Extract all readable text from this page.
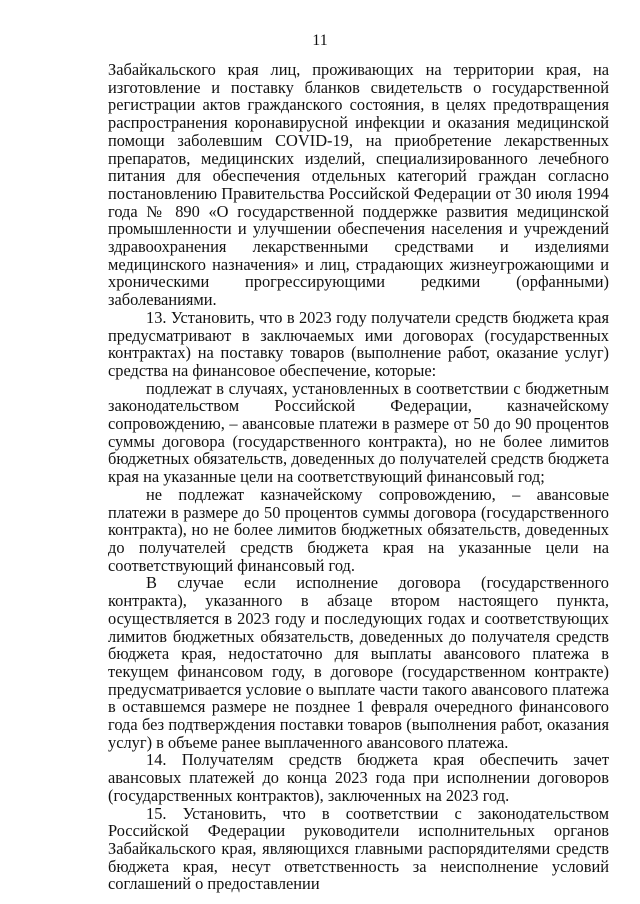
11

Забайкальского края лиц, проживающих на территории края, на изготовление и поставку бланков свидетельств о государственной регистрации актов гражданского состояния, в целях предотвращения распространения коронавирусной инфекции и оказания медицинской помощи заболевшим COVID-19, на приобретение лекарственных препаратов, медицинских изделий, специализированного лечебного питания для обеспечения отдельных категорий граждан согласно постановлению Правительства Российской Федерации от 30 июля 1994 года № 890 «О государственной поддержке развития медицинской промышленности и улучшении обеспечения населения и учреждений здравоохранения лекарственными средствами и изделиями медицинского назначения» и лиц, страдающих жизнеугрожающими и хроническими прогрессирующими редкими (орфанными) заболеваниями.

13. Установить, что в 2023 году получатели средств бюджета края предусматривают в заключаемых ими договорах (государственных контрактах) на поставку товаров (выполнение работ, оказание услуг) средства на финансовое обеспечение, которые:

подлежат в случаях, установленных в соответствии с бюджетным законодательством Российской Федерации, казначейскому сопровождению, – авансовые платежи в размере от 50 до 90 процентов суммы договора (государственного контракта), но не более лимитов бюджетных обязательств, доведенных до получателей средств бюджета края на указанные цели на соответствующий финансовый год;

не подлежат казначейскому сопровождению, – авансовые платежи в размере до 50 процентов суммы договора (государственного контракта), но не более лимитов бюджетных обязательств, доведенных до получателей средств бюджета края на указанные цели на соответствующий финансовый год.

В случае если исполнение договора (государственного контракта), указанного в абзаце втором настоящего пункта, осуществляется в 2023 году и последующих годах и соответствующих лимитов бюджетных обязательств, доведенных до получателя средств бюджета края, недостаточно для выплаты авансового платежа в текущем финансовом году, в договоре (государственном контракте) предусматривается условие о выплате части такого авансового платежа в оставшемся размере не позднее 1 февраля очередного финансового года без подтверждения поставки товаров (выполнения работ, оказания услуг) в объеме ранее выплаченного авансового платежа.

14. Получателям средств бюджета края обеспечить зачет авансовых платежей до конца 2023 года при исполнении договоров (государственных контрактов), заключенных на 2023 год.

15. Установить, что в соответствии с законодательством Российской Федерации руководители исполнительных органов Забайкальского края, являющихся главными распорядителями средств бюджета края, несут ответственность за неисполнение условий соглашений о предоставлении
